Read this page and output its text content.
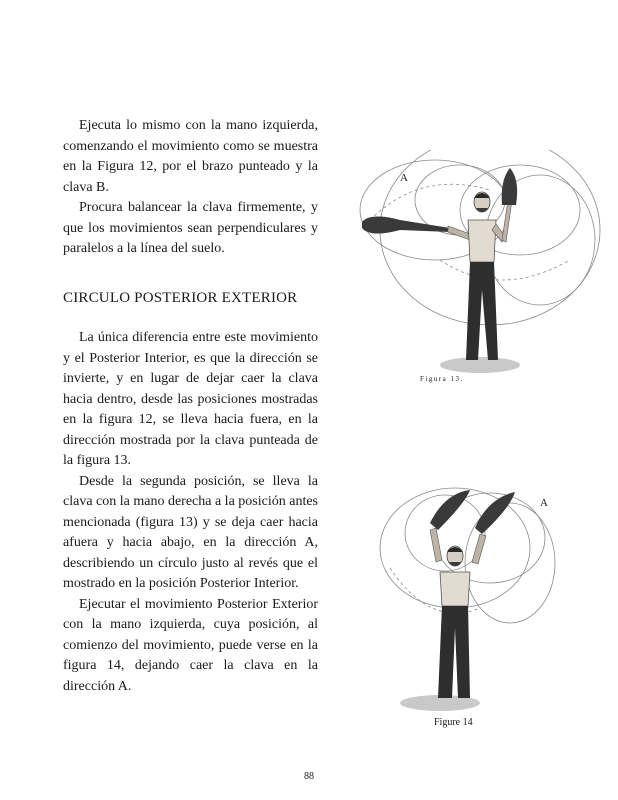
Ejecuta lo mismo con la mano izquierda, comenzando el movimiento como se muestra en la Figura 12, por el brazo punteado y la clava B.

Procura balancear la clava firmemente, y que los movimientos sean perpendiculares y paralelos a la línea del suelo.

CIRCULO POSTERIOR EXTERIOR

La única diferencia entre este movimiento y el Posterior Interior, es que la dirección se invierte, y en lugar de dejar caer la clava hacia dentro, desde las posiciones mostradas en la figura 12, se lleva hacia fuera, en la dirección mostrada por la clava punteada de la figura 13.

Desde la segunda posición, se lleva la clava con la mano derecha a la posición antes mencionada (figura 13) y se deja caer hacia afuera y hacia abajo, en la dirección A, describiendo un círculo justo al revés que el mostrado en la posición Posterior Interior.

Ejecutar el movimiento Posterior Exterior con la mano izquierda, cuya posición, al comienzo del movimiento, puede verse en la figura 14, dejando caer la clava en la dirección A.

Figura 13.
A
A
Figure 14
88
